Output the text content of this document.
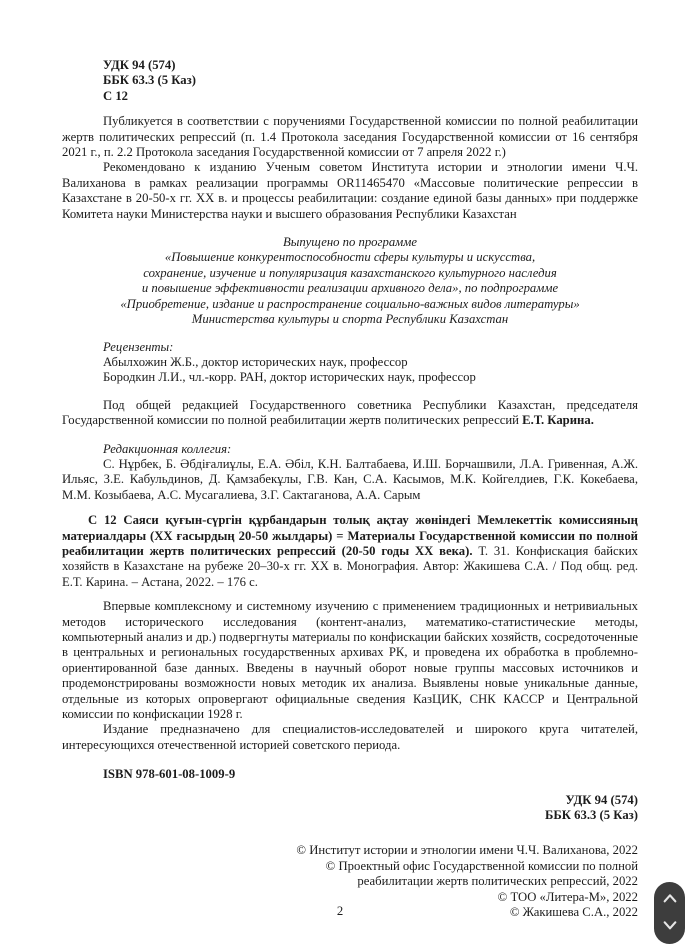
УДК 94 (574)
ББК 63.3 (5 Каз)
С 12

Публикуется в соответствии с поручениями Государственной комиссии по полной реабилитации жертв политических репрессий (п. 1.4 Протокола заседания Государственной комиссии от 16 сентября 2021 г., п. 2.2 Протокола заседания Государственной комиссии от 7 апреля 2022 г.)

Рекомендовано к изданию Ученым советом Института истории и этнологии имени Ч.Ч. Валиханова в рамках реализации программы OR11465470 «Массовые политические репрессии в Казахстане в 20-50-х гг. XX в. и процессы реабилитации: создание единой базы данных» при поддержке Комитета науки Министерства науки и высшего образования Республики Казахстан

Выпущено по программе
«Повышение конкурентоспособности сферы культуры и искусства,
сохранение, изучение и популяризация казахстанского культурного наследия
и повышение эффективности реализации архивного дела», по подпрограмме
«Приобретение, издание и распространение социально-важных видов литературы»
Министерства культуры и спорта Республики Казахстан
Рецензенты:
Абылхожин Ж.Б., доктор исторических наук, профессор
Бородкин Л.И., чл.-корр. РАН, доктор исторических наук, профессор

Под общей редакцией Государственного советника Республики Казахстан, председателя Государственной комиссии по полной реабилитации жертв политических репрессий Е.Т. Карина.

Редакционная коллегия:

С. Нұрбек, Б. Әбдіғалиұлы, Е.А. Әбіл, К.Н. Балтабаева, И.Ш. Борчашвили, Л.А. Гривенная, А.Ж. Ильяс, З.Е. Кабульдинов, Д. Қамзабекұлы, Г.В. Кан, С.А. Касымов, М.К. Койгелдиев, Г.К. Кокебаева, М.М. Козыбаева, А.С. Мусагалиева, З.Г. Сактаганова, А.А. Сарым

С 12 Саяси қуғын-сүргін құрбандарын толық ақтау жөніндегі Мемлекеттік комиссияның материалдары (XX ғасырдың 20-50 жылдары) = Материалы Государственной комиссии по полной реабилитации жертв политических репрессий (20-50 годы XX века). Т. 31. Конфискация байских хозяйств в Казахстане на рубеже 20–30-х гг. XX в. Монография. Автор: Жакишева С.А. / Под общ. ред. Е.Т. Карина. – Астана, 2022. – 176 с.

Впервые комплексному и системному изучению с применением традиционных и нетривиальных методов исторического исследования (контент-анализ, математико-статистические методы, компьютерный анализ и др.) подвергнуты материалы по конфискации байских хозяйств, сосредоточенные в центральных и региональных государственных архивах РК, и проведена их обработка в проблемно-ориентированной базе данных. Введены в научный оборот новые группы массовых источников и продемонстрированы возможности новых методик их анализа. Выявлены новые уникальные данные, отдельные из которых опровергают официальные сведения КазЦИК, СНК КАССР и Центральной комиссии по конфискации 1928 г.

Издание предназначено для специалистов-исследователей и широкого круга читателей, интересующихся отечественной историей советского периода.

ISBN 978-601-08-1009-9
УДК 94 (574)
ББК 63.3 (5 Каз)
© Институт истории и этнологии имени Ч.Ч. Валиханова, 2022
© Проектный офис Государственной комиссии по полной реабилитации жертв политических репрессий, 2022
© ТОО «Литера-М», 2022
© Жакишева С.А., 2022
2
